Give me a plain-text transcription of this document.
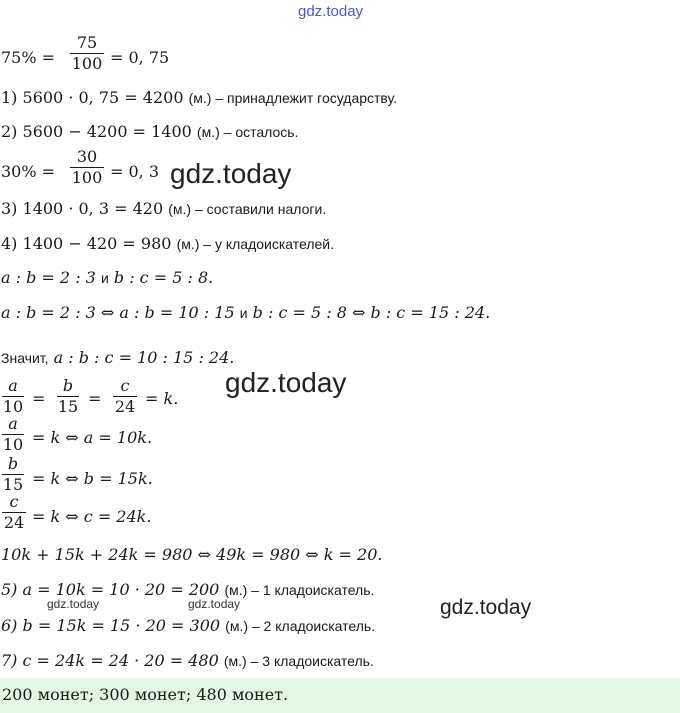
gdz.today
gdz.today
gdz.today
gdz.today
gdz.today	gdz.today
75% =
75
100 = 0, 75
1) 5600 · 0, 75 = 4200 (м.) – принадлежит государству.
2) 5600 − 4200 = 1400 (м.) – осталось.
30% =
30
100 = 0, 3
3) 1400 · 0, 3 = 420 (м.) – составили налоги.
4) 1400 − 420 = 980 (м.) – у кладоискателей.
a : b = 2 : 3 и b : c = 5 : 8.
a : b = 2 : 3 ⇔ a : b = 10 : 15 и b : c = 5 : 8 ⇔ b : c = 15 : 24.
Значит, a : b : c = 10 : 15 : 24.
a
10 =
b
15 =
c
24 = k.
a
10 = k ⇔ a = 10k.
b
15 = k ⇔ b = 15k.
c
24 = k ⇔ c = 24k.
10k + 15k + 24k = 980 ⇔ 49k = 980 ⇔ k = 20.
5) a = 10k = 10 · 20 = 200 (м.) – 1 кладоискатель.
6) b = 15k = 15 · 20 = 300 (м.) – 2 кладоискатель.
7) c = 24k = 24 · 20 = 480 (м.) – 3 кладоискатель.
200 монет; 300 монет; 480 монет.
